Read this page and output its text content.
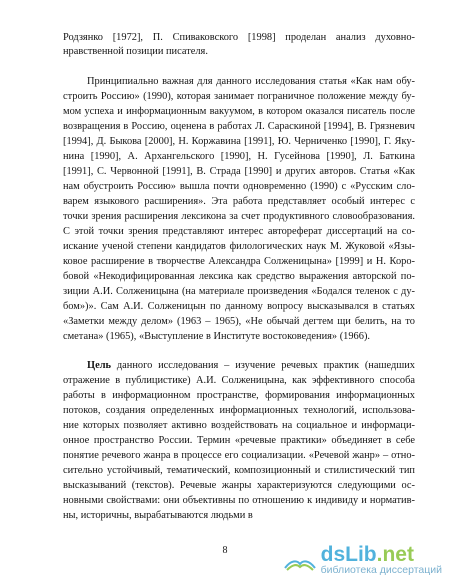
Родзянко [1972], П. Спиваковского [1998] проделан анализ духовно-
нравственной позиции писателя.
Принципиально важная для данного исследования статья «Как нам обу-
строить Россию» (1990), которая занимает пограничное положение между бу-
мом успеха и информационным вакуумом, в котором оказался писатель после
возвращения в Россию, оценена в работах Л. Сараскиной [1994], В. Грязневич
[1994], Д. Быкова [2000], Н. Коржавина [1991], Ю. Черниченко [1990], Г. Яку-
нина [1990], А. Архангельского [1990], Н. Гусейнова [1990], Л. Баткина
[1991], С. Червонной [1991], В. Страда [1990] и других авторов. Статья «Как
нам обустроить Россию» вышла почти одновременно (1990) с «Русским сло-
варем языкового расширения». Эта работа представляет особый интерес с
точки зрения расширения лексикона за счет продуктивного словообразования.
С этой точки зрения представляют интерес автореферат диссертаций на со-
искание ученой степени кандидатов филологических наук М. Жуковой «Язы-
ковое расширение в творчестве Александра Солженицына» [1999] и Н. Коро-
бовой «Некодифицированная лексика как средство выражения авторской по-
зиции А.И. Солженицына (на материале произведения «Бодался теленок с ду-
бом»)». Сам А.И. Солженицын по данному вопросу высказывался в статьях
«Заметки между делом» (1963 – 1965), «Не обычай дегтем щи белить, на то
сметана» (1965), «Выступление в Институте востоковедения» (1966).
Цель данного исследования – изучение речевых практик (нашедших
отражение в публицистике) А.И. Солженицына, как эффективного способа
работы в информационном пространстве, формирования информационных
потоков, создания определенных информационных технологий, использова-
ние которых позволяет активно воздействовать на социальное и информаци-
онное пространство России. Термин «речевые практики» объединяет в себе
понятие речевого жанра в процессе его социализации. «Речевой жанр» – отно-
сительно устойчивый, тематический, композиционный и стилистический тип
высказываний (текстов). Речевые жанры характеризуются следующими ос-
новными свойствами: они объективны по отношению к индивиду и норматив-
ны, историчны, вырабатываются людьми в
8	dsLib .net
библиотека диссертаций
